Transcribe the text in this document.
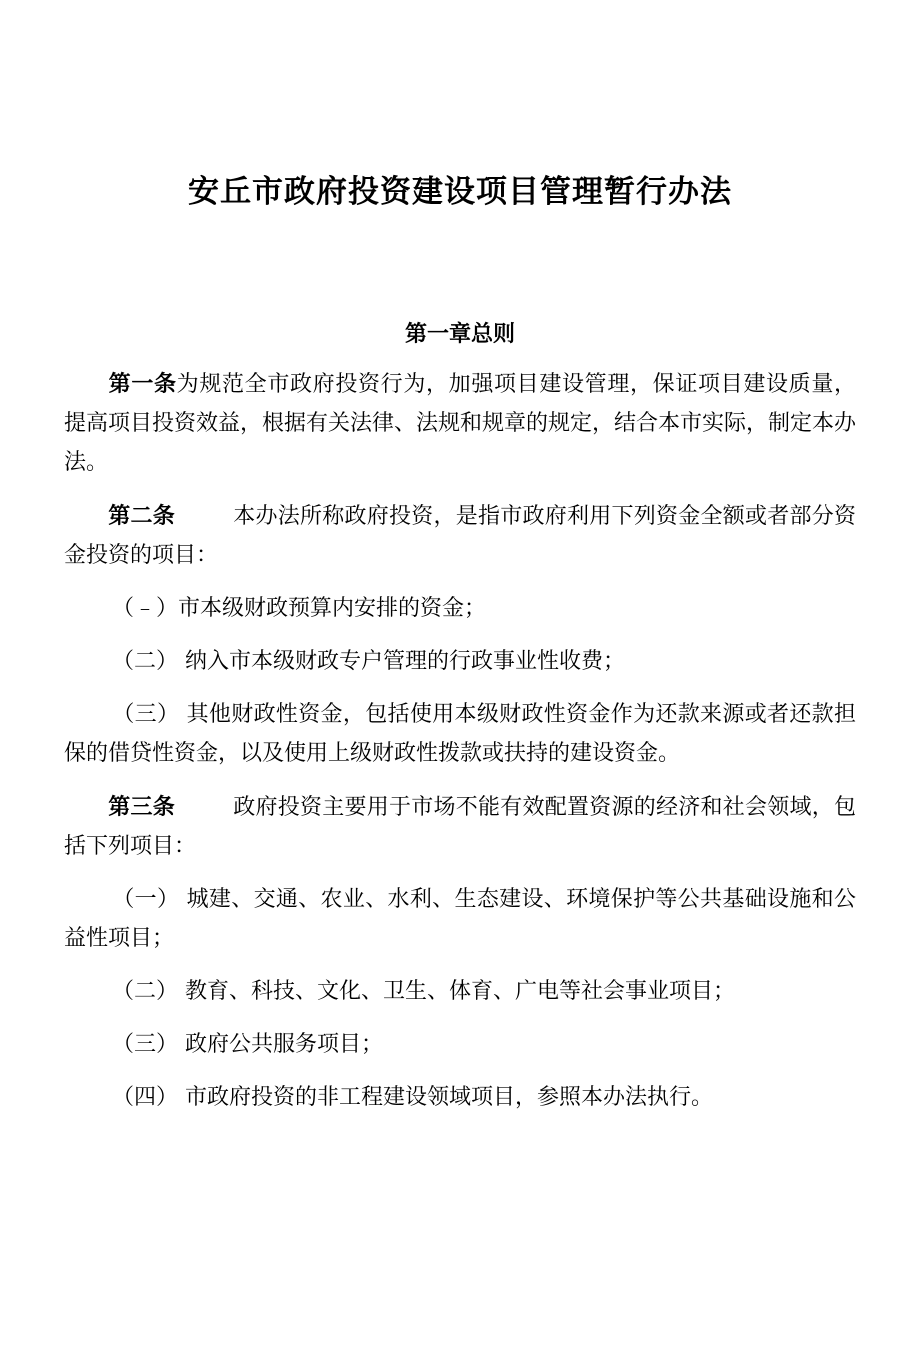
安丘市政府投资建设项目管理暂行办法
第一章总则
第一条为规范全市政府投资行为，加强项目建设管理，保证项目建设质量，提高项目投资效益，根据有关法律、法规和规章的规定，结合本市实际，制定本办法。
第二条	本办法所称政府投资，是指市政府利用下列资金全额或者部分资金投资的项目：
（﹣）市本级财政预算内安排的资金；
（二） 纳入市本级财政专户管理的行政事业性收费；
（三） 其他财政性资金，包括使用本级财政性资金作为还款来源或者还款担保的借贷性资金，以及使用上级财政性拨款或扶持的建设资金。
第三条	政府投资主要用于市场不能有效配置资源的经济和社会领域，包括下列项目：
（一） 城建、交通、农业、水利、生态建设、环境保护等公共基础设施和公益性项目；
（二） 教育、科技、文化、卫生、体育、广电等社会事业项目；
（三） 政府公共服务项目；
（四） 市政府投资的非工程建设领域项目，参照本办法执行。
